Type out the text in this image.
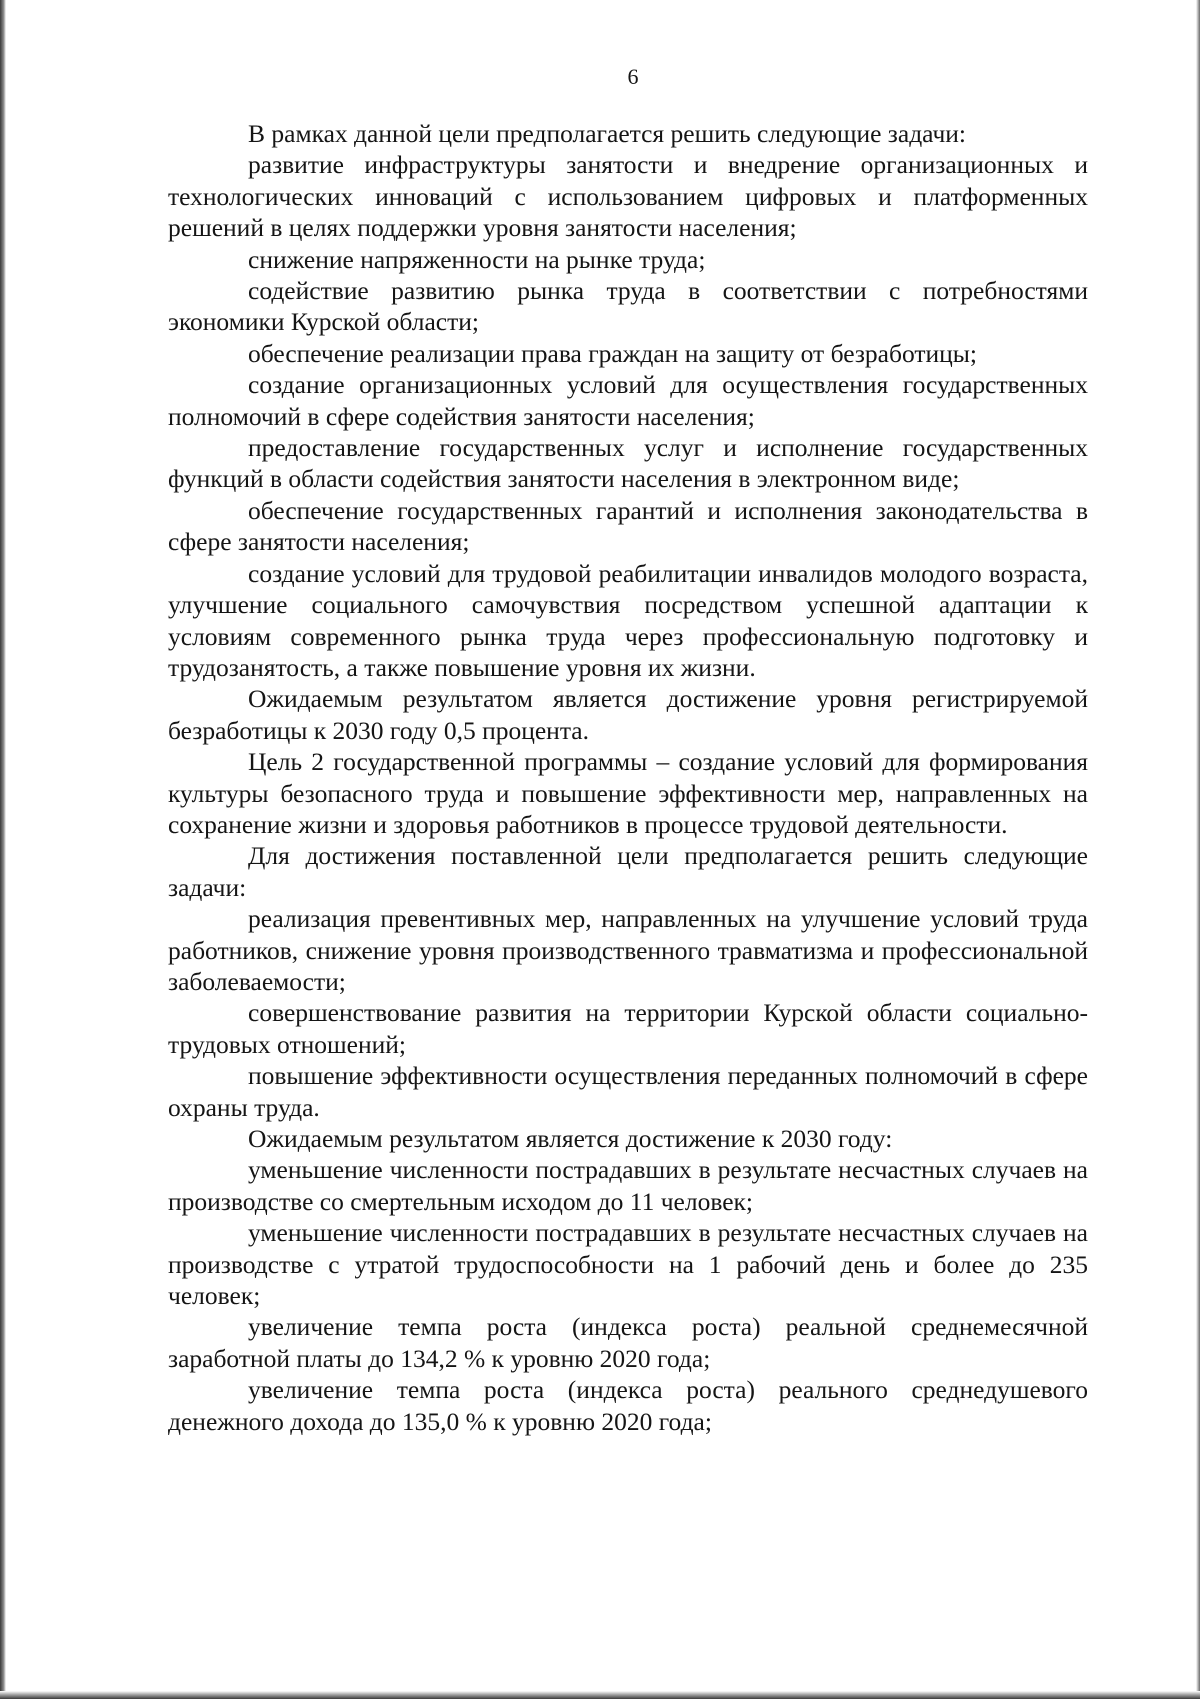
6

В рамках данной цели предполагается решить следующие задачи:

развитие инфраструктуры занятости и внедрение организационных и технологических инноваций с использованием цифровых и платформенных решений в целях поддержки уровня занятости населения;

снижение напряженности на рынке труда;

содействие развитию рынка труда в соответствии с потребностями экономики Курской области;

обеспечение реализации права граждан на защиту от безработицы;

создание организационных условий для осуществления государственных полномочий в сфере содействия занятости населения;

предоставление государственных услуг и исполнение государственных функций в области содействия занятости населения в электронном виде;

обеспечение государственных гарантий и исполнения законодательства в сфере занятости населения;

создание условий для трудовой реабилитации инвалидов молодого возраста, улучшение социального самочувствия посредством успешной адаптации к условиям современного рынка труда через профессиональную подготовку и трудозанятость, а также повышение уровня их жизни.

Ожидаемым результатом является достижение уровня регистрируемой безработицы к 2030 году 0,5 процента.

Цель 2 государственной программы – создание условий для формирования культуры безопасного труда и повышение эффективности мер, направленных на сохранение жизни и здоровья работников в процессе трудовой деятельности.

Для достижения поставленной цели предполагается решить следующие задачи:

реализация превентивных мер, направленных на улучшение условий труда работников, снижение уровня производственного травматизма и профессиональной заболеваемости;

совершенствование развития на территории Курской области социально-трудовых отношений;

повышение эффективности осуществления переданных полномочий в сфере охраны труда.

Ожидаемым результатом является достижение к 2030 году:

уменьшение численности пострадавших в результате несчастных случаев на производстве со смертельным исходом до 11 человек;

уменьшение численности пострадавших в результате несчастных случаев на производстве с утратой трудоспособности на 1 рабочий день и более до 235 человек;

увеличение темпа роста (индекса роста) реальной среднемесячной заработной платы до 134,2 % к уровню 2020 года;

увеличение темпа роста (индекса роста) реального среднедушевого денежного дохода до 135,0 % к уровню 2020 года;
